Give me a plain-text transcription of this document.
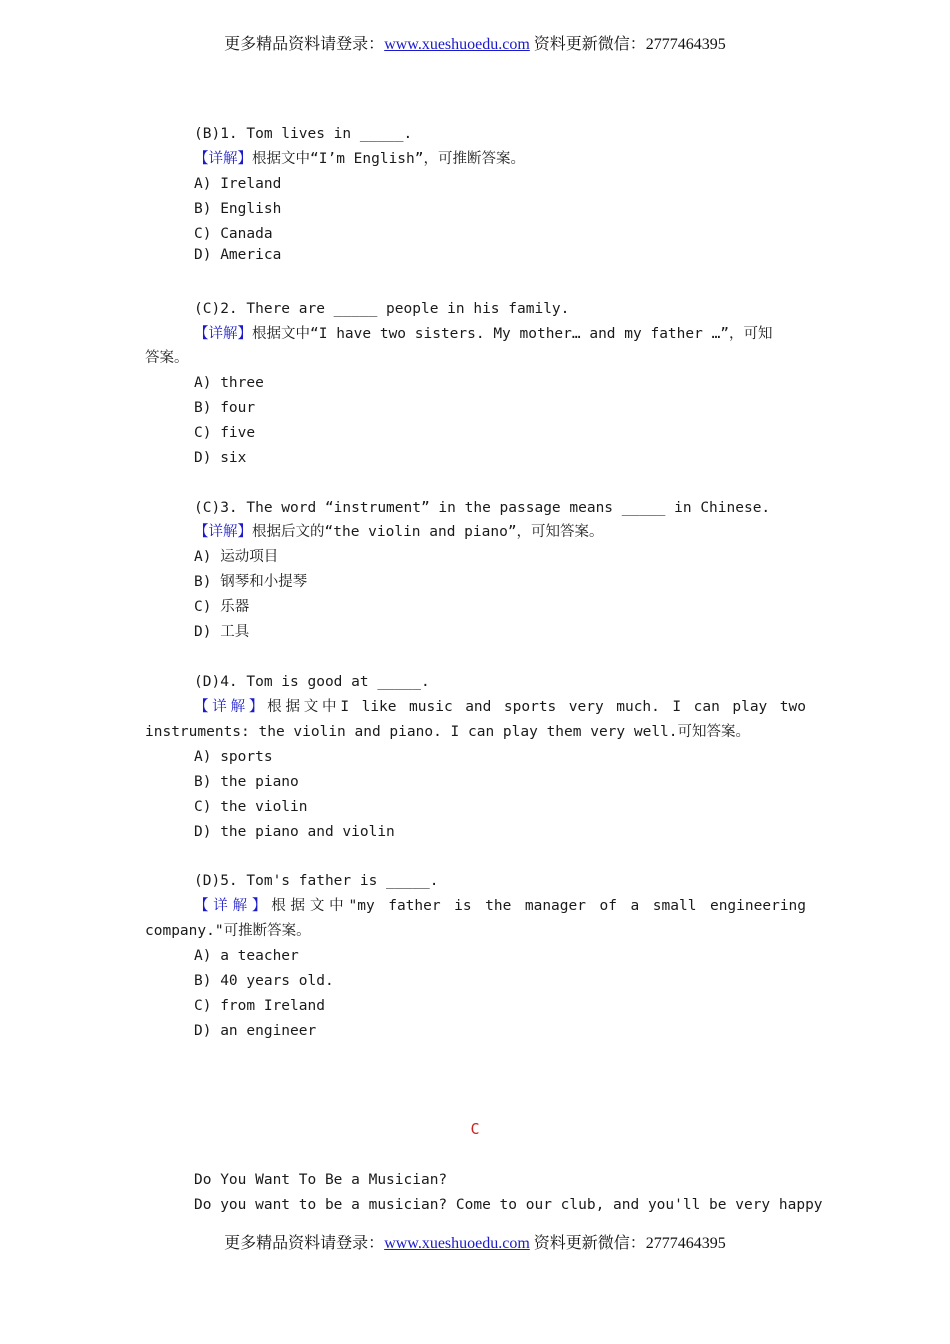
更多精品资料请登录：www.xueshuoedu.com 资料更新微信：2777464395
(B)1. Tom lives in _____.
【详解】根据文中“I’m English”，可推断答案。
A) Ireland
B) English
C) Canada
D) America
(C)2. There are _____ people in his family.
【详解】根据文中“I have two sisters. My mother… and my father …”，可知
答案。
A) three
B) four
C) five
D) six
(C)3. The word “instrument” in the passage means _____ in Chinese.
【详解】根据后文的“the violin and piano”，可知答案。
A) 运动项目
B) 钢琴和小提琴
C) 乐器
D) 工具
(D)4. Tom is good at _____.
【详解】根据文中I like music and sports very much. I can play two
instruments: the violin and piano. I can play them very well.可知答案。
A) sports
B) the piano
C) the violin
D) the piano and violin
(D)5. Tom's father is _____.
【详解】根据文中"my father is the manager of a small engineering
company."可推断答案。
A) a teacher
B) 40 years old.
C) from Ireland
D) an engineer
C
Do You Want To Be a Musician?
Do you want to be a musician? Come to our club, and you'll be very happy
更多精品资料请登录：www.xueshuoedu.com 资料更新微信：2777464395
